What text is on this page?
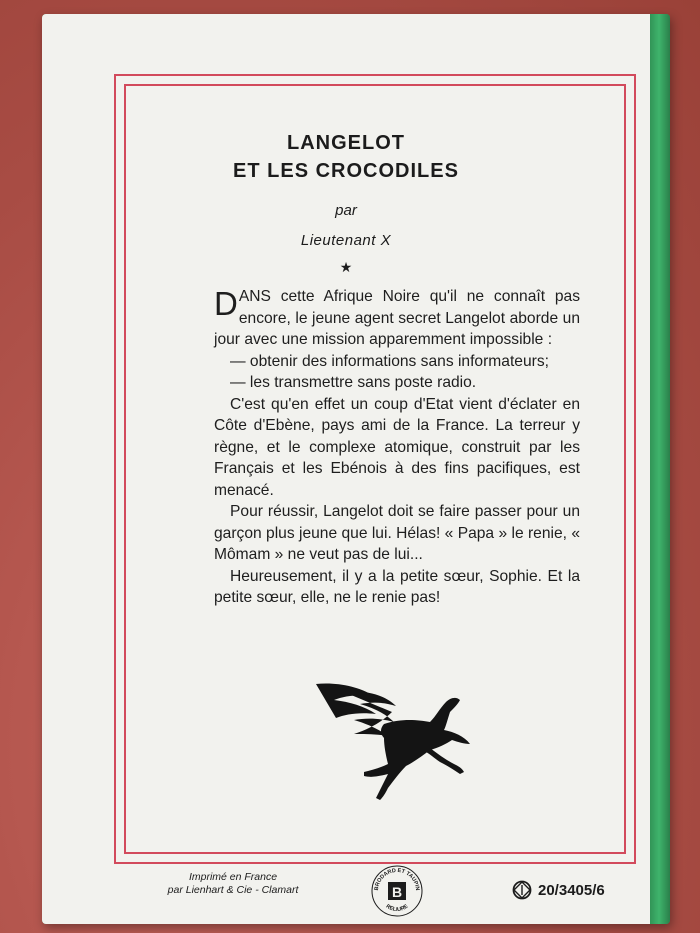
LANGELOT
ET LES CROCODILES
par
Lieutenant X
★

DANS cette Afrique Noire qu'il ne connaît pas encore, le jeune agent secret Langelot aborde un jour avec une mission apparemment impossible :

— obtenir des informations sans informateurs;

— les transmettre sans poste radio.

C'est qu'en effet un coup d'Etat vient d'éclater en Côte d'Ebène, pays ami de la France. La terreur y règne, et le complexe atomique, construit par les Français et les Ebénois à des fins pacifiques, est menacé.

Pour réussir, Langelot doit se faire passer pour un garçon plus jeune que lui. Hélas! « Papa » le renie, « Mômam » ne veut pas de lui...

Heureusement, il y a la petite sœur, Sophie. Et la petite sœur, elle, ne le renie pas!

Imprimé en France
par Lienhart & Cie - Clamart	BRODARD ET TAUPIN
RELIURE
B	20/3405/6
